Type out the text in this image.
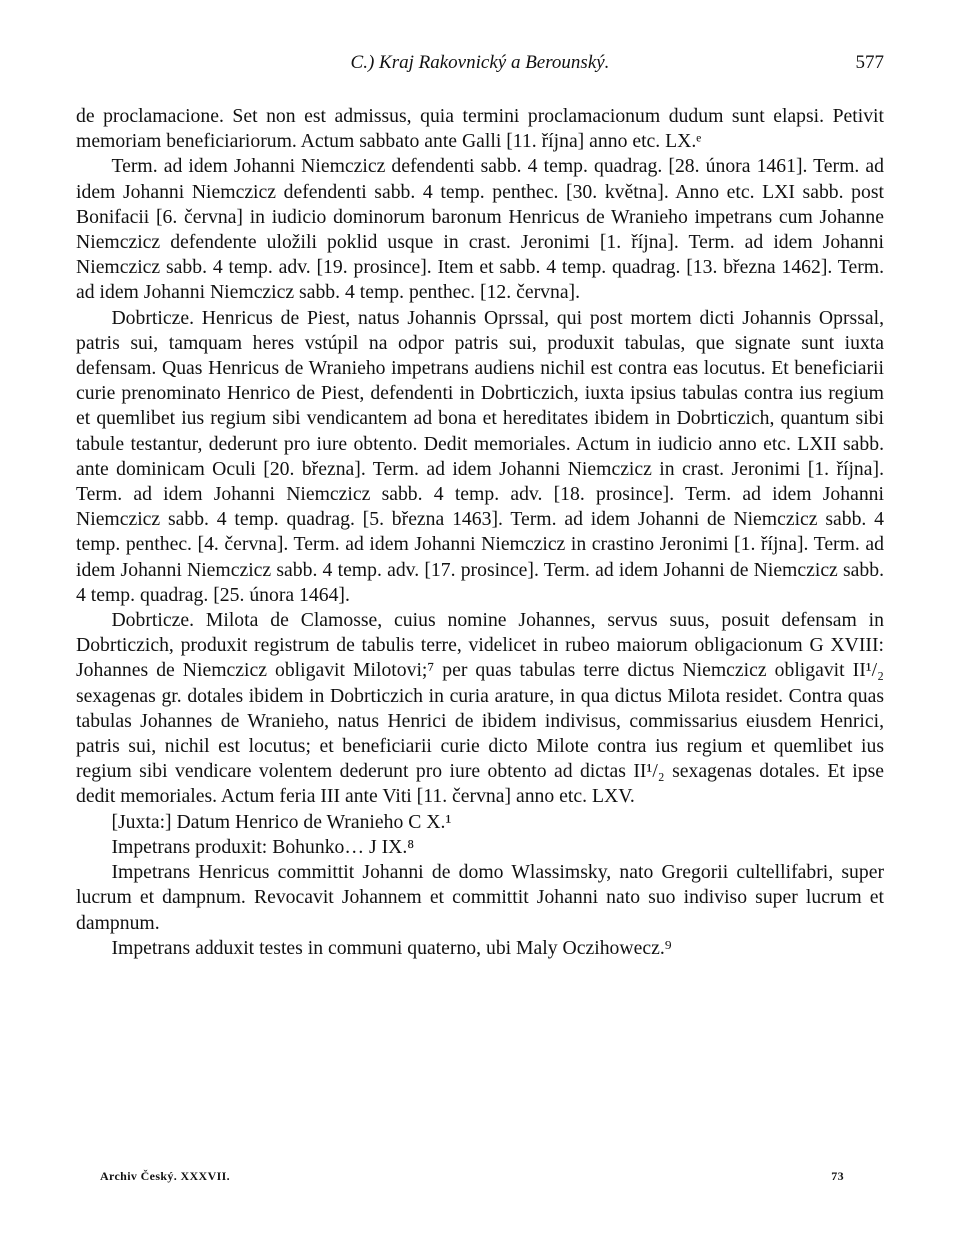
C.) Kraj Rakovnický a Berounský.	577

de proclamacione. Set non est admissus, quia termini proclamacionum dudum sunt elapsi. Petivit memoriam beneficiariorum. Actum sabbato ante Galli [11. října] anno etc. LX.ᵉ

Term. ad idem Johanni Niemczicz defendenti sabb. 4 temp. quadrag. [28. února 1461]. Term. ad idem Johanni Niemczicz defendenti sabb. 4 temp. penthec. [30. května]. Anno etc. LXI sabb. post Bonifacii [6. června] in iudicio dominorum baronum Henricus de Wranieho impetrans cum Johanne Niemczicz defendente uložili poklid usque in crast. Jeronimi [1. října]. Term. ad idem Johanni Niemczicz sabb. 4 temp. adv. [19. prosince]. Item et sabb. 4 temp. quadrag. [13. března 1462]. Term. ad idem Johanni Niemczicz sabb. 4 temp. penthec. [12. června].

Dobrticze. Henricus de Piest, natus Johannis Oprssal, qui post mortem dicti Johannis Oprssal, patris sui, tamquam heres vstúpil na odpor patris sui, produxit tabulas, que signate sunt iuxta defensam. Quas Henricus de Wranieho impetrans audiens nichil est contra eas locutus. Et beneficiarii curie prenominato Henrico de Piest, defendenti in Dobrticzich, iuxta ipsius tabulas contra ius regium et quemlibet ius regium sibi vendicantem ad bona et hereditates ibidem in Dobrticzich, quantum sibi tabule testantur, dederunt pro iure obtento. Dedit memoriales. Actum in iudicio anno etc. LXII sabb. ante dominicam Oculi [20. března]. Term. ad idem Johanni Niemczicz in crast. Jeronimi [1. října]. Term. ad idem Johanni Niemczicz sabb. 4 temp. adv. [18. prosince]. Term. ad idem Johanni Niemczicz sabb. 4 temp. quadrag. [5. března 1463]. Term. ad idem Johanni de Niemczicz sabb. 4 temp. penthec. [4. června]. Term. ad idem Johanni Niemczicz in crastino Jeronimi [1. října]. Term. ad idem Johanni Niemczicz sabb. 4 temp. adv. [17. prosince]. Term. ad idem Johanni de Niemczicz sabb. 4 temp. quadrag. [25. února 1464].

Dobrticze. Milota de Clamosse, cuius nomine Johannes, servus suus, posuit defensam in Dobrticzich, produxit registrum de tabulis terre, videlicet in rubeo maiorum obligacionum G XVIII: Johannes de Niemczicz obligavit Milotovi;⁷ per quas tabulas terre dictus Niemczicz obligavit II¹/₂ sexagenas gr. dotales ibidem in Dobrticzich in curia arature, in qua dictus Milota residet. Contra quas tabulas Johannes de Wranieho, natus Henrici de ibidem indivisus, commissarius eiusdem Henrici, patris sui, nichil est locutus; et beneficiarii curie dicto Milote contra ius regium et quemlibet ius regium sibi vendicare volentem dederunt pro iure obtento ad dictas II¹/₂ sexagenas dotales. Et ipse dedit memoriales. Actum feria III ante Viti [11. června] anno etc. LXV.

[Juxta:] Datum Henrico de Wranieho C X.¹

Impetrans produxit: Bohunko… J IX.⁸

Impetrans Henricus committit Johanni de domo Wlassimsky, nato Gregorii cultellifabri, super lucrum et dampnum. Revocavit Johannem et committit Johanni nato suo indiviso super lucrum et dampnum.

Impetrans adduxit testes in communi quaterno, ubi Maly Oczihowecz.⁹

Archiv Český. XXXVII.	73
